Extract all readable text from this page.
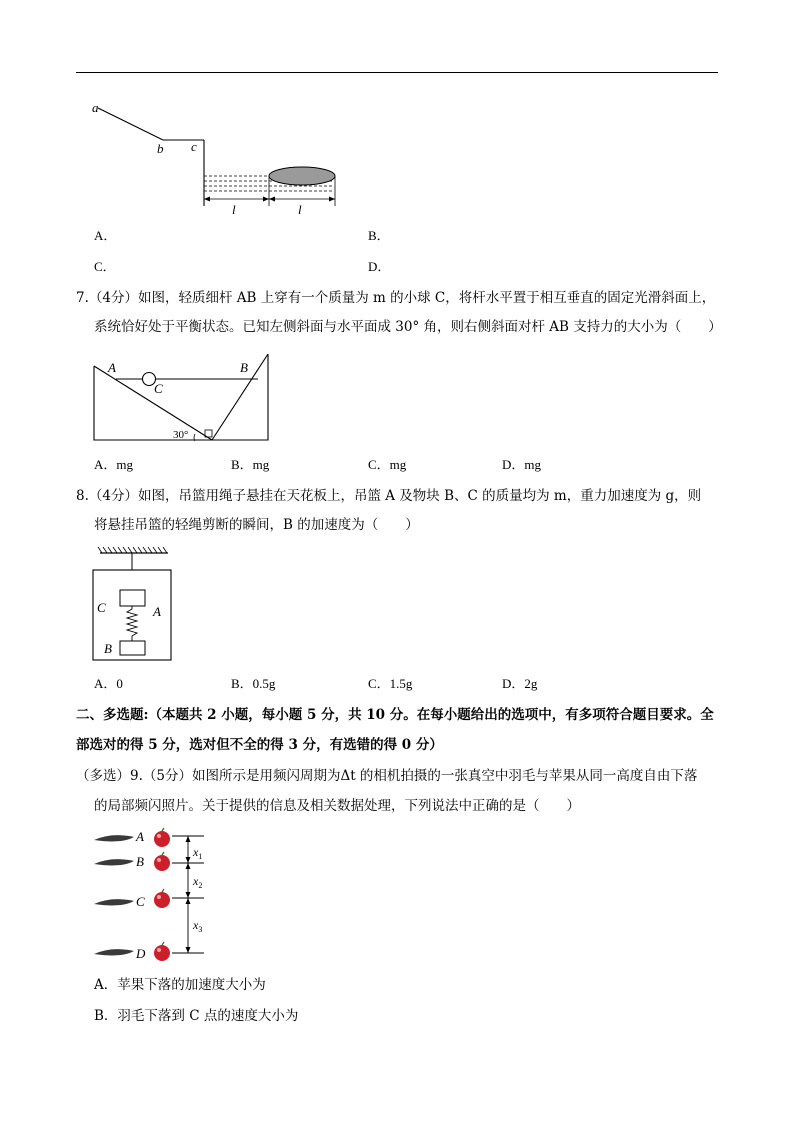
a
b c
l	l
A．	B．
C．	D．
7.（4分）如图，轻质细杆 AB 上穿有一个质量为 m 的小球 C，将杆水平置于相互垂直的固定光滑斜面上，
系统恰好处于平衡状态。已知左侧斜面与水平面成 30° 角，则右侧斜面对杆 AB 支持力的大小为（　　）
A	B
C
30°
A．mg	B．mg	C．mg	D．mg
8.（4分）如图，吊篮用绳子悬挂在天花板上，吊篮 A 及物块 B、C 的质量均为 m，重力加速度为 g，则
将悬挂吊篮的轻绳剪断的瞬间，B 的加速度为（　　）
C	A
B
A．0	B．0.5g	C．1.5g	D．2g
二、多选题:（本题共 2 小题，每小题 5 分，共 10 分。在每小题给出的选项中，有多项符合题目要求。全
部选对的得 5 分，选对但不全的得 3 分，有选错的得 0 分）
（多选）9.（5分）如图所示是用频闪周期为Δt 的相机拍摄的一张真空中羽毛与苹果从同一高度自由下落
的局部频闪照片。关于提供的信息及相关数据处理，下列说法中正确的是（　　）
A
B
C
D
$x_1$
$x_2$
$x_3$
A．苹果下落的加速度大小为
B．羽毛下落到 C 点的速度大小为
